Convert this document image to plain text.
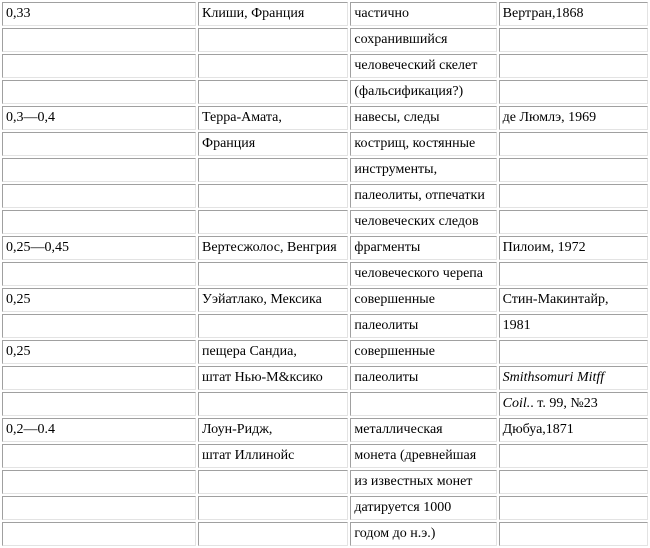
0,33	Клиши, Франция	частично	Вертран,1868
		сохранившийся	
		человеческий скелет	
		(фальсификация?)	
0,3—0,4	Терра-Амата,	навесы, следы	де Люмлэ, 1969
	Франция	кострищ, костянные	
		инструменты,	
		палеолиты, отпечатки	
		человеческих следов	
0,25—0,45	Вертесжолос, Венгрия	фрагменты	Пилоим, 1972
		человеческого черепа	
0,25	Уэйатлако, Мексика	совершенные	Стин-Макинтайр,
		палеолиты	1981
0,25	пещера Сандиа,	совершенные	
	штат Нью-М&ксико	палеолиты	Smithsomuri Mitff
			Coil.. т. 99, №23
0,2—0.4	Лоун-Ридж,	металлическая	Дюбуа,1871
	штат Иллинойс	монета (древнейшая	
		из известных монет	
		датируется 1000	
		годом до н.э.)	
